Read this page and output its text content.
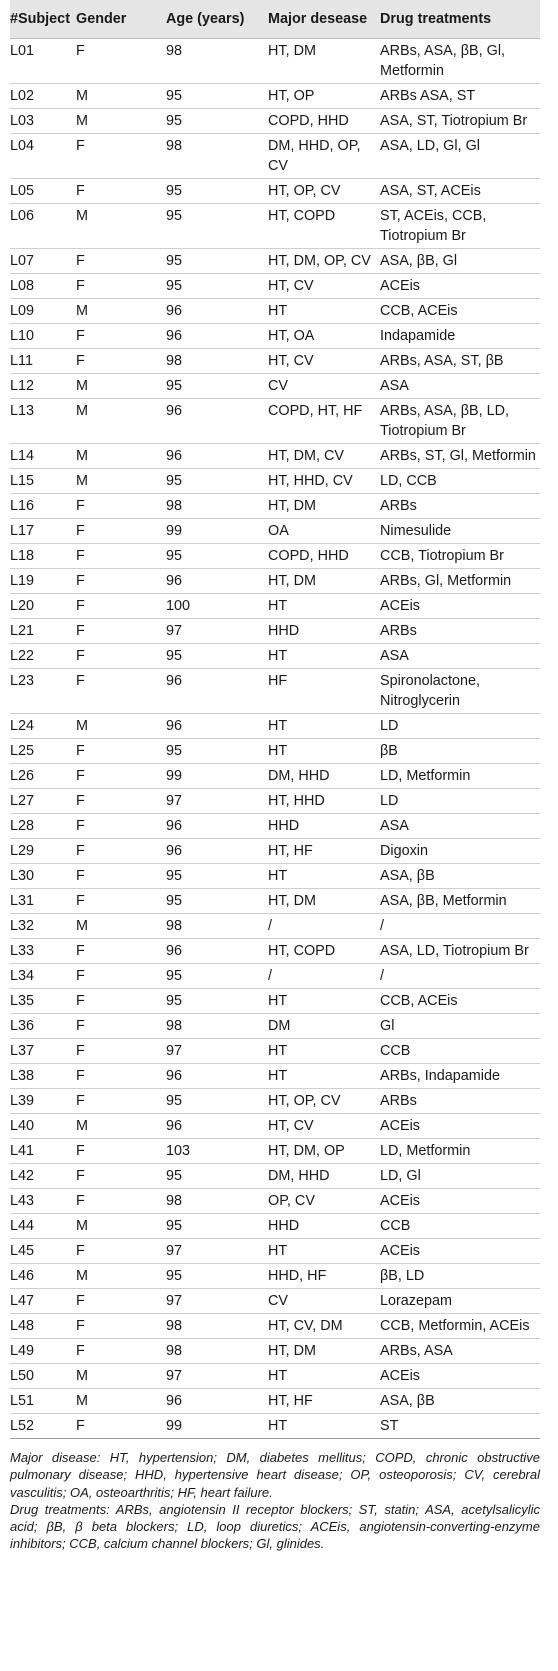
#Subject	Gender	Age (years)	Major desease	Drug treatments
L01	F	98	HT, DM	ARBs, ASA, βB, Gl, Metformin
L02	M	95	HT, OP	ARBs ASA, ST
L03	M	95	COPD, HHD	ASA, ST, Tiotropium Br
L04	F	98	DM, HHD, OP, CV	ASA, LD, Gl, Gl
L05	F	95	HT, OP, CV	ASA, ST, ACEis
L06	M	95	HT, COPD	ST, ACEis, CCB, Tiotropium Br
L07	F	95	HT, DM, OP, CV	ASA, βB, Gl
L08	F	95	HT, CV	ACEis
L09	M	96	HT	CCB, ACEis
L10	F	96	HT, OA	Indapamide
L11	F	98	HT, CV	ARBs, ASA, ST, βB
L12	M	95	CV	ASA
L13	M	96	COPD, HT, HF	ARBs, ASA, βB, LD, Tiotropium Br
L14	M	96	HT, DM, CV	ARBs, ST, Gl, Metformin
L15	M	95	HT, HHD, CV	LD, CCB
L16	F	98	HT, DM	ARBs
L17	F	99	OA	Nimesulide
L18	F	95	COPD, HHD	CCB, Tiotropium Br
L19	F	96	HT, DM	ARBs, Gl, Metformin
L20	F	100	HT	ACEis
L21	F	97	HHD	ARBs
L22	F	95	HT	ASA
L23	F	96	HF	Spironolactone, Nitroglycerin
L24	M	96	HT	LD
L25	F	95	HT	βB
L26	F	99	DM, HHD	LD, Metformin
L27	F	97	HT, HHD	LD
L28	F	96	HHD	ASA
L29	F	96	HT, HF	Digoxin
L30	F	95	HT	ASA, βB
L31	F	95	HT, DM	ASA, βB, Metformin
L32	M	98	/	/
L33	F	96	HT, COPD	ASA, LD, Tiotropium Br
L34	F	95	/	/
L35	F	95	HT	CCB, ACEis
L36	F	98	DM	Gl
L37	F	97	HT	CCB
L38	F	96	HT	ARBs, Indapamide
L39	F	95	HT, OP, CV	ARBs
L40	M	96	HT, CV	ACEis
L41	F	103	HT, DM, OP	LD, Metformin
L42	F	95	DM, HHD	LD, Gl
L43	F	98	OP, CV	ACEis
L44	M	95	HHD	CCB
L45	F	97	HT	ACEis
L46	M	95	HHD, HF	βB, LD
L47	F	97	CV	Lorazepam
L48	F	98	HT, CV, DM	CCB, Metformin, ACEis
L49	F	98	HT, DM	ARBs, ASA
L50	M	97	HT	ACEis
L51	M	96	HT, HF	ASA, βB
L52	F	99	HT	ST

Major disease: HT, hypertension; DM, diabetes mellitus; COPD, chronic obstructive pulmonary disease; HHD, hypertensive heart disease; OP, osteoporosis; CV, cerebral vasculitis; OA, osteoarthritis; HF, heart failure.

Drug treatments: ARBs, angiotensin II receptor blockers; ST, statin; ASA, acetylsalicylic acid; βB, β beta blockers; LD, loop diuretics; ACEis, angiotensin-converting-enzyme inhibitors; CCB, calcium channel blockers; Gl, glinides.
